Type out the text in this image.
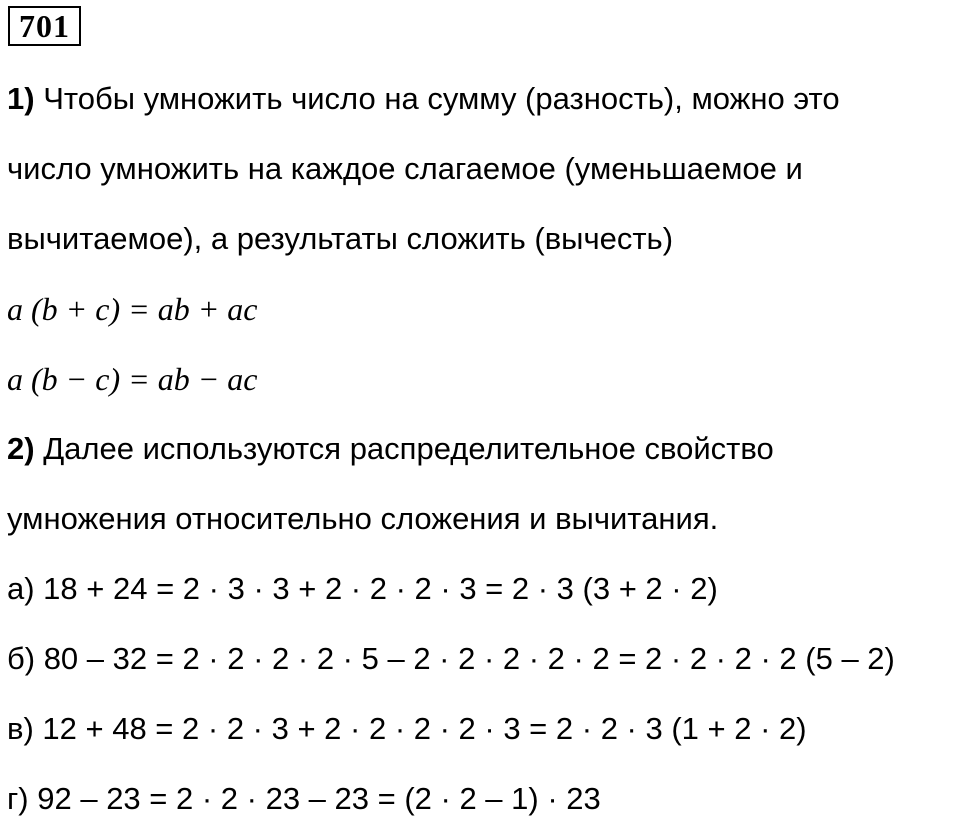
701
1) Чтобы умножить число на сумму (разность), можно это
число умножить на каждое слагаемое (уменьшаемое и
вычитаемое), а результаты сложить (вычесть)
a (b + c) = ab + ac
a (b − c) = ab − ac
2) Далее используются распределительное свойство
умножения относительно сложения и вычитания.
а) 18 + 24 = 2 · 3 · 3 + 2 · 2 · 2 · 3 = 2 · 3 (3 + 2 · 2)
б) 80 – 32 = 2 · 2 · 2 · 2 · 5 – 2 · 2 · 2 · 2 · 2 = 2 · 2 · 2 · 2 (5 – 2)
в) 12 + 48 = 2 · 2 · 3 + 2 · 2 · 2 · 2 · 3 = 2 · 2 · 3 (1 + 2 · 2)
г) 92 – 23 = 2 · 2 · 23 – 23 = (2 · 2 – 1) · 23
